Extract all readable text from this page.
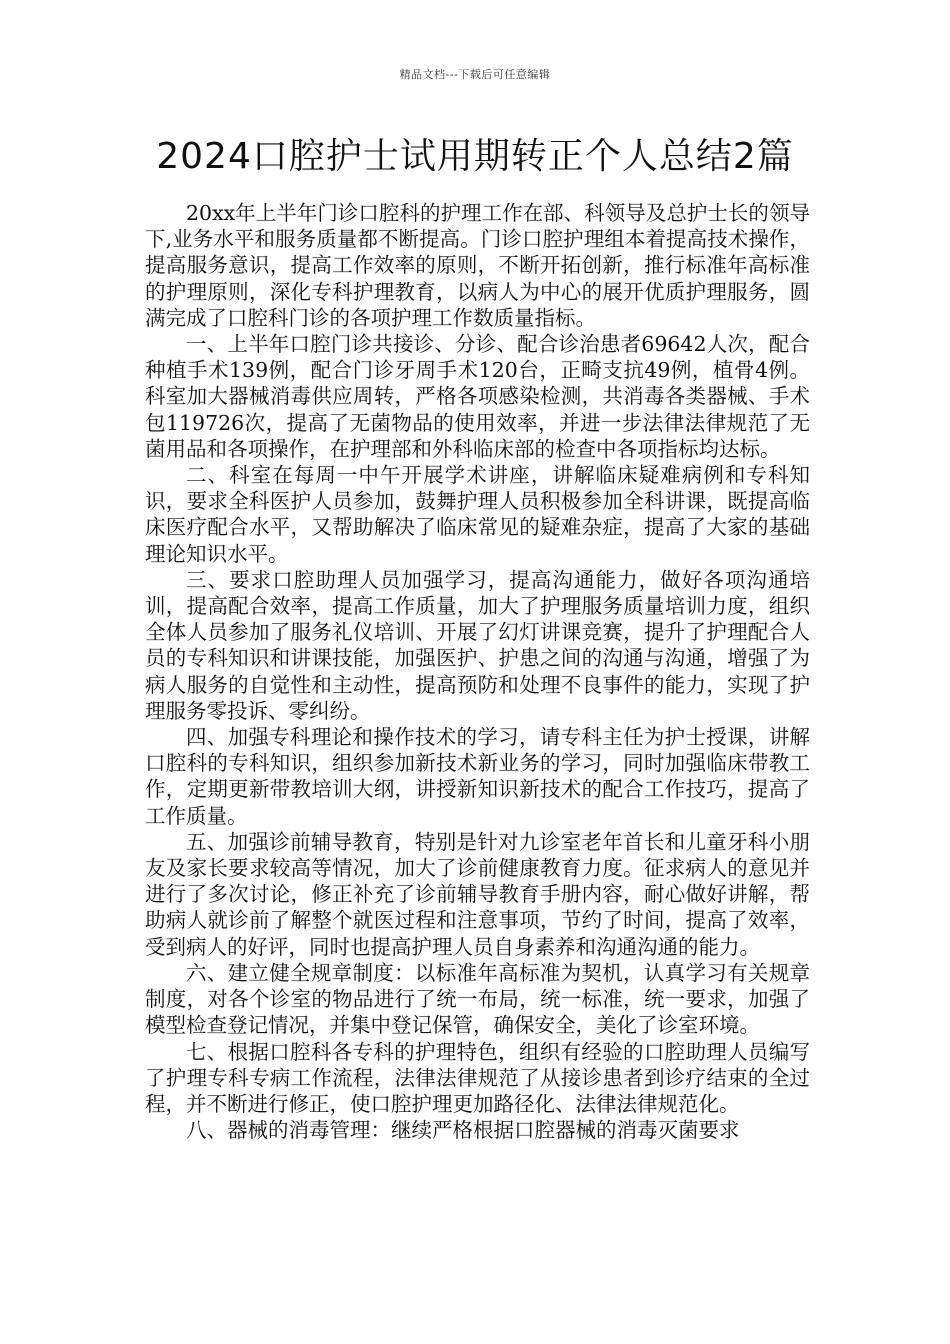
精品文档---下载后可任意编辑
2024口腔护士试用期转正个人总结2篇

20xx年上半年门诊口腔科的护理工作在部、科领导及总护士长的领导下,业务水平和服务质量都不断提高。门诊口腔护理组本着提高技术操作，提高服务意识，提高工作效率的原则，不断开拓创新，推行标准年高标准的护理原则，深化专科护理教育，以病人为中心的展开优质护理服务，圆满完成了口腔科门诊的各项护理工作数质量指标。

一、上半年口腔门诊共接诊、分诊、配合诊治患者69642人次，配合种植手术139例，配合门诊牙周手术120台，正畸支抗49例，植骨4例。科室加大器械消毒供应周转，严格各项感染检测，共消毒各类器械、手术包119726次，提高了无菌物品的使用效率，并进一步法律法律规范了无菌用品和各项操作，在护理部和外科临床部的检查中各项指标均达标。

二、科室在每周一中午开展学术讲座，讲解临床疑难病例和专科知识，要求全科医护人员参加，鼓舞护理人员积极参加全科讲课，既提高临床医疗配合水平，又帮助解决了临床常见的疑难杂症，提高了大家的基础理论知识水平。

三、要求口腔助理人员加强学习，提高沟通能力，做好各项沟通培训，提高配合效率，提高工作质量，加大了护理服务质量培训力度，组织全体人员参加了服务礼仪培训、开展了幻灯讲课竞赛，提升了护理配合人员的专科知识和讲课技能，加强医护、护患之间的沟通与沟通，增强了为病人服务的自觉性和主动性，提高预防和处理不良事件的能力，实现了护理服务零投诉、零纠纷。

四、加强专科理论和操作技术的学习，请专科主任为护士授课，讲解口腔科的专科知识，组织参加新技术新业务的学习，同时加强临床带教工作，定期更新带教培训大纲，讲授新知识新技术的配合工作技巧，提高了工作质量。

五、加强诊前辅导教育，特别是针对九诊室老年首长和儿童牙科小朋友及家长要求较高等情况，加大了诊前健康教育力度。征求病人的意见并进行了多次讨论，修正补充了诊前辅导教育手册内容，耐心做好讲解，帮助病人就诊前了解整个就医过程和注意事项，节约了时间，提高了效率，受到病人的好评，同时也提高护理人员自身素养和沟通沟通的能力。

六、建立健全规章制度：以标准年高标准为契机，认真学习有关规章制度，对各个诊室的物品进行了统一布局，统一标准，统一要求，加强了模型检查登记情况，并集中登记保管，确保安全，美化了诊室环境。

七、根据口腔科各专科的护理特色，组织有经验的口腔助理人员编写了护理专科专病工作流程，法律法律规范了从接诊患者到诊疗结束的全过程，并不断进行修正，使口腔护理更加路径化、法律法律规范化。

八、器械的消毒管理：继续严格根据口腔器械的消毒灭菌要求
